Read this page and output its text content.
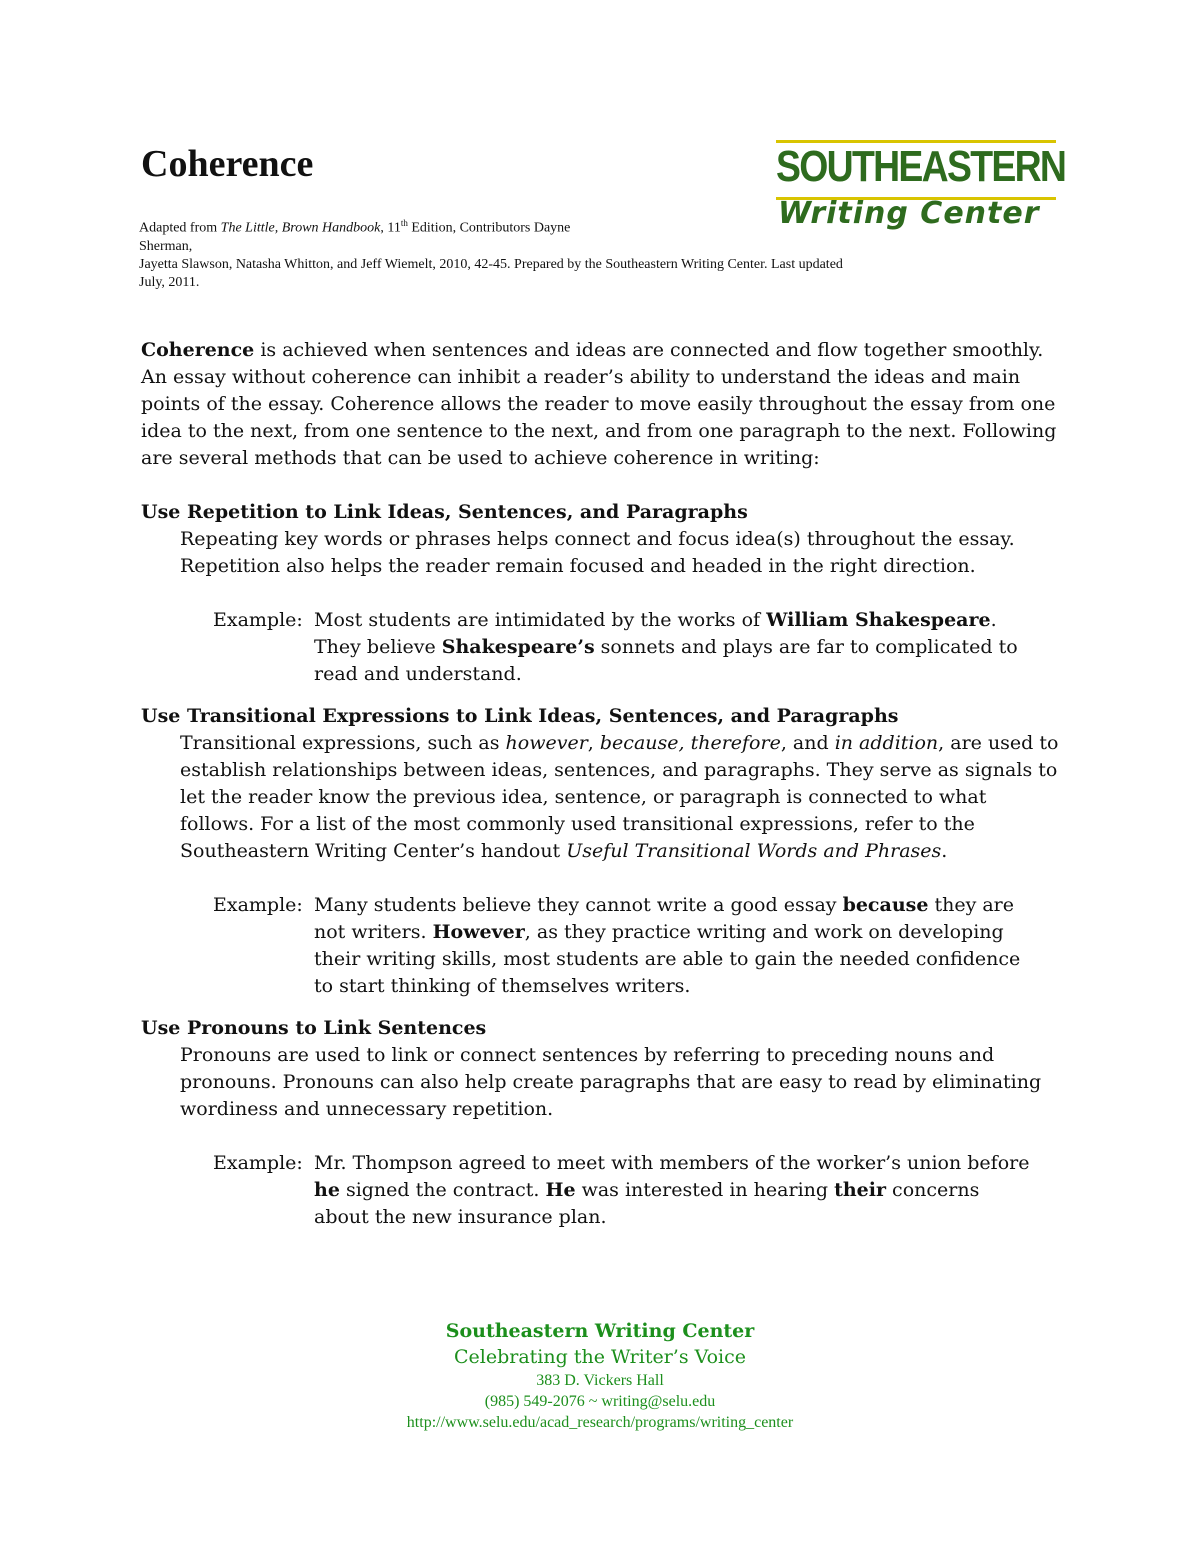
Coherence	SOUTHEASTERN
Writing Center

Adapted from The Little, Brown Handbook, 11th Edition, Contributors Dayne

Sherman,

Jayetta Slawson, Natasha Whitton, and Jeff Wiemelt, 2010, 42-45. Prepared by the Southeastern Writing Center. Last updated

July, 2011.

Coherence is achieved when sentences and ideas are connected and flow together smoothly. An essay without coherence can inhibit a reader’s ability to understand the ideas and main points of the essay. Coherence allows the reader to move easily throughout the essay from one idea to the next, from one sentence to the next, and from one paragraph to the next. Following are several methods that can be used to achieve coherence in writing:

Use Repetition to Link Ideas, Sentences, and Paragraphs

Repeating key words or phrases helps connect and focus idea(s) throughout the essay. Repetition also helps the reader remain focused and headed in the right direction.

Example: Most students are intimidated by the works of William Shakespeare. They believe Shakespeare’s sonnets and plays are far to complicated to read and understand.
Use Transitional Expressions to Link Ideas, Sentences, and Paragraphs

Transitional expressions, such as however, because, therefore, and in addition, are used to establish relationships between ideas, sentences, and paragraphs. They serve as signals to let the reader know the previous idea, sentence, or paragraph is connected to what follows. For a list of the most commonly used transitional expressions, refer to the Southeastern Writing Center’s handout Useful Transitional Words and Phrases.

Example: Many students believe they cannot write a good essay because they are not writers. However, as they practice writing and work on developing their writing skills, most students are able to gain the needed confidence to start thinking of themselves writers.
Use Pronouns to Link Sentences

Pronouns are used to link or connect sentences by referring to preceding nouns and pronouns. Pronouns can also help create paragraphs that are easy to read by eliminating wordiness and unnecessary repetition.

Example: Mr. Thompson agreed to meet with members of the worker’s union before he signed the contract. He was interested in hearing their concerns about the new insurance plan.
Southeastern Writing Center
Celebrating the Writer’s Voice
383 D. Vickers Hall
(985) 549-2076 ~ writing@selu.edu
http://www.selu.edu/acad_research/programs/writing_center
